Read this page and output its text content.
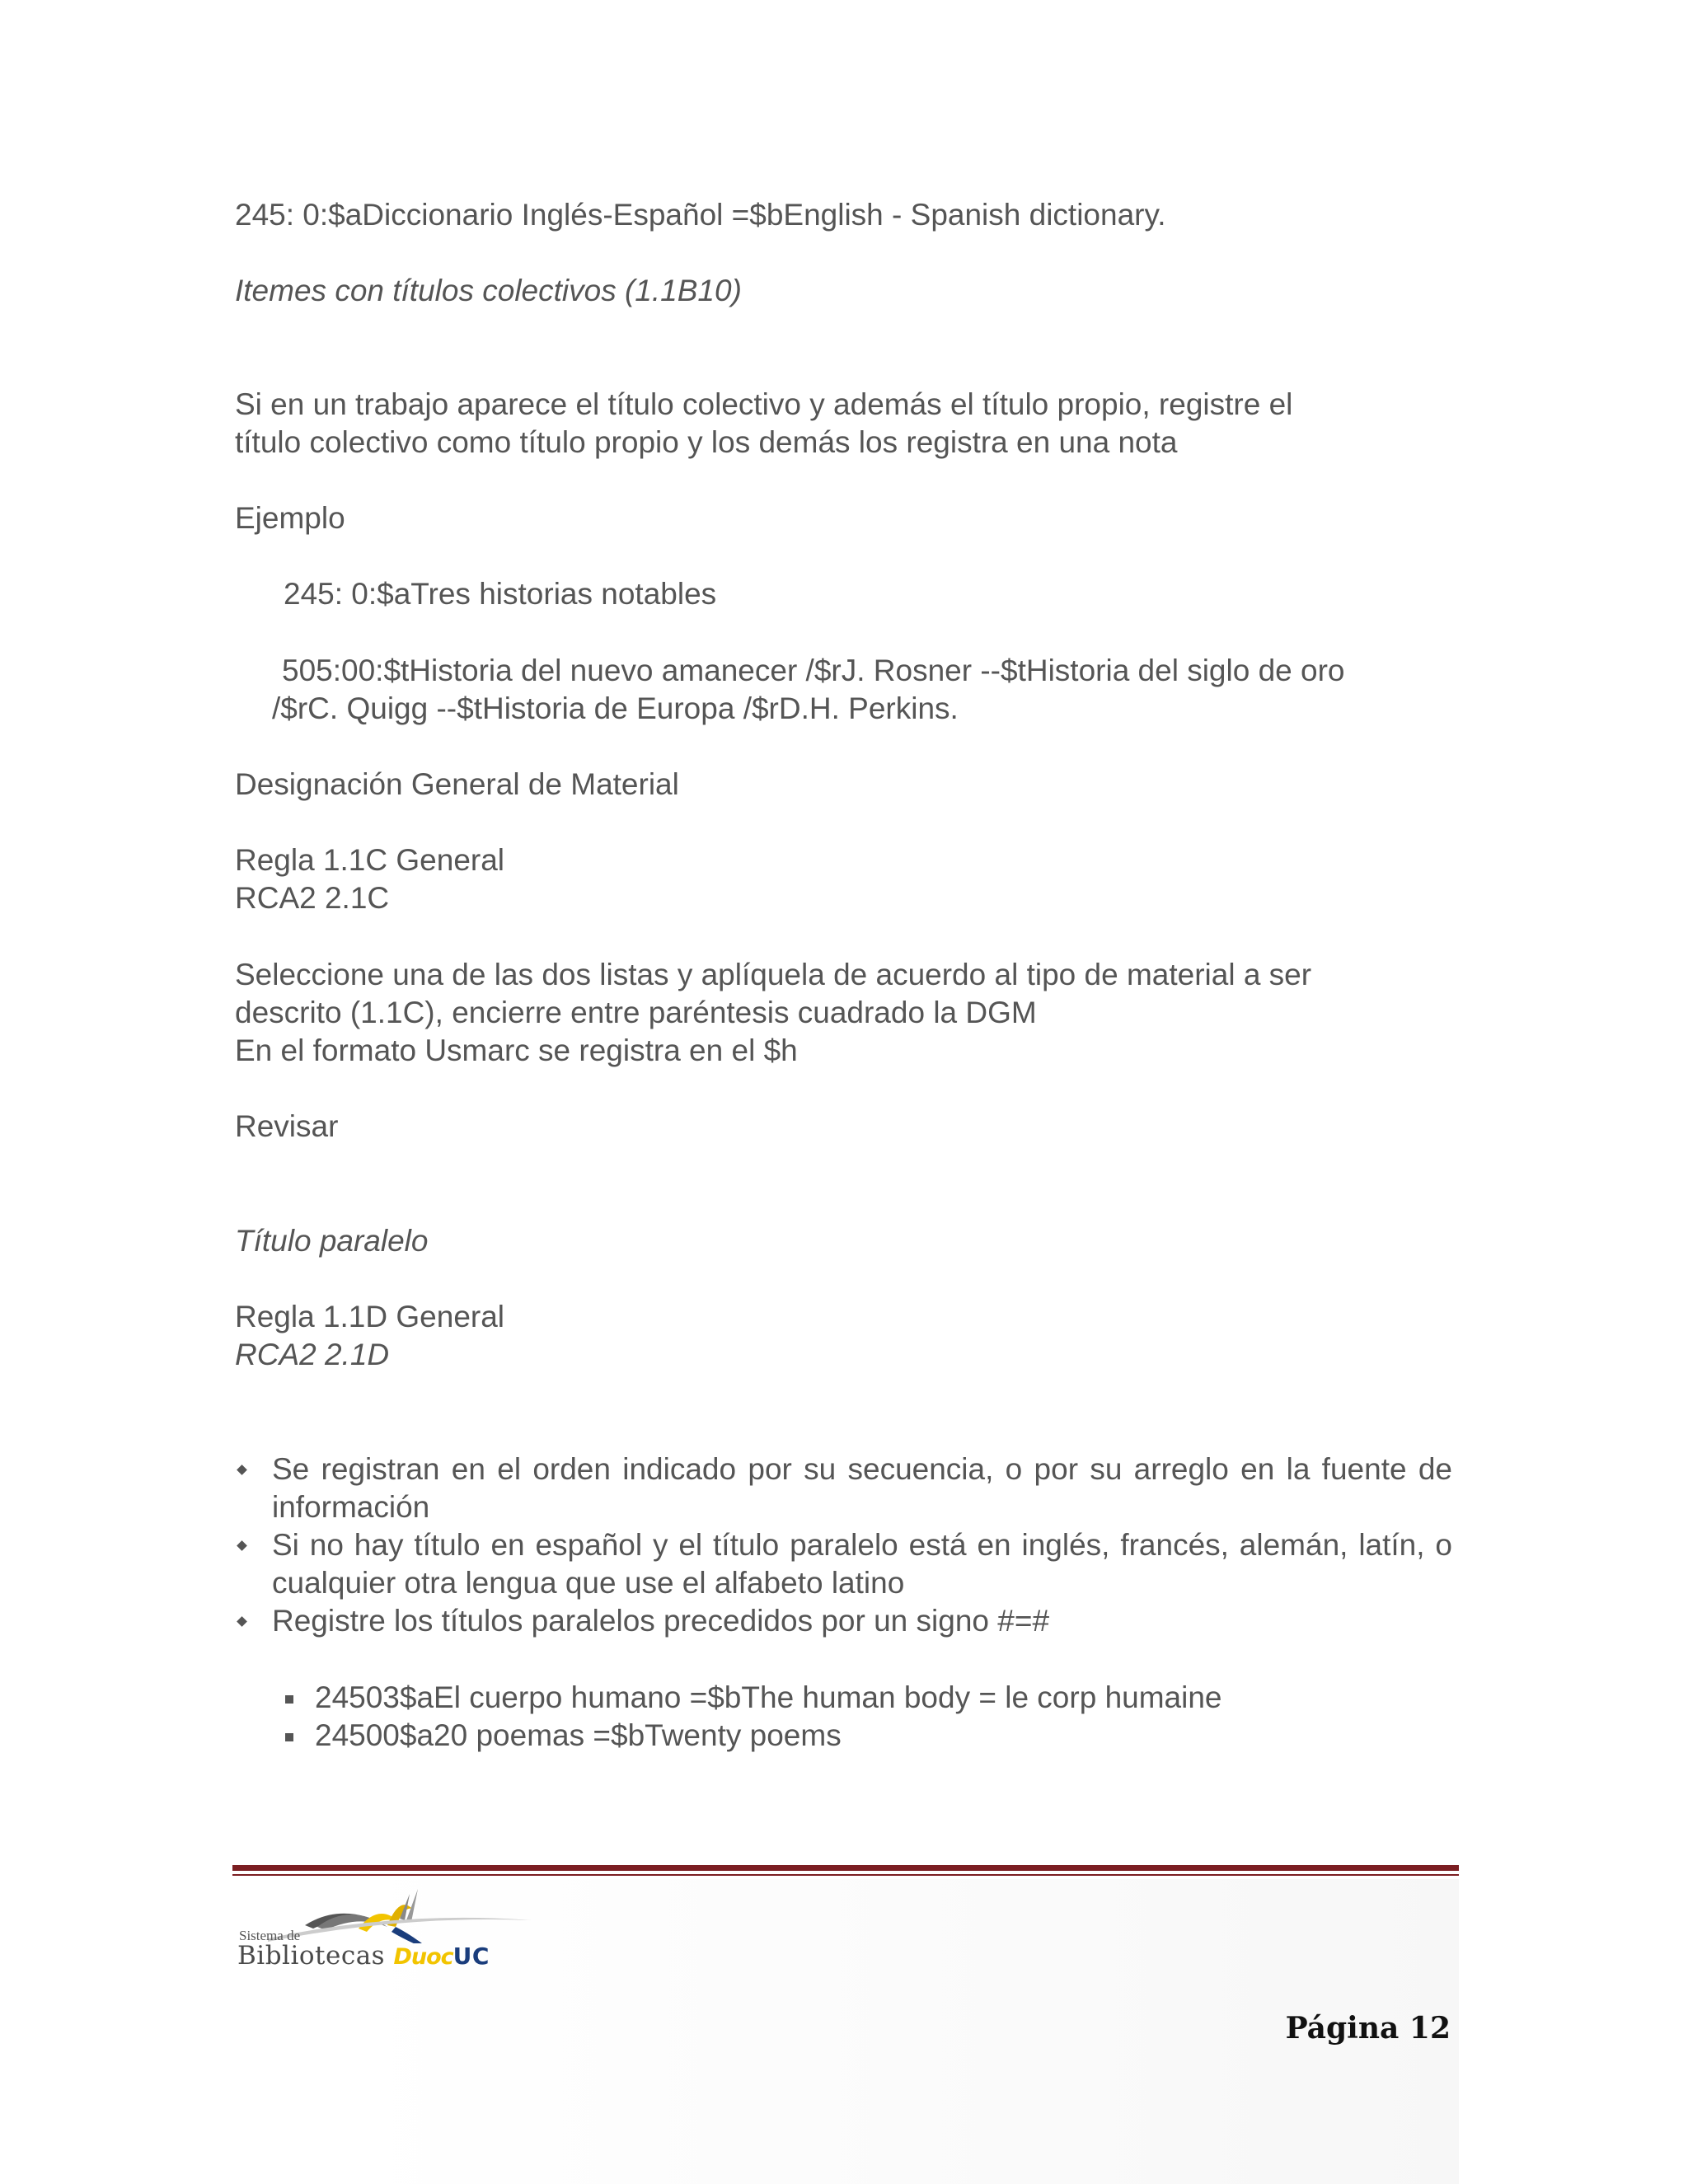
245: 0:$aDiccionario Inglés-Español =$bEnglish - Spanish dictionary.

Itemes con títulos colectivos (1.1B10)

Si en un trabajo aparece el título colectivo y además el título propio, registre el

título colectivo como título propio y los demás los registra en una nota

Ejemplo

245: 0:$aTres historias notables

505:00:$tHistoria del nuevo amanecer /$rJ. Rosner --$tHistoria del siglo de oro

/$rC. Quigg --$tHistoria de Europa /$rD.H. Perkins.

Designación General de Material

Regla 1.1C General

RCA2 2.1C

Seleccione una de las dos listas y aplíquela de acuerdo al tipo de material a ser

descrito (1.1C), encierre entre paréntesis cuadrado la DGM

En el formato Usmarc se registra en el $h

Revisar

Título paralelo

Regla 1.1D General

RCA2 2.1D

Se registran en el orden indicado por su secuencia, o por su arreglo en la fuente de información

Si no hay título en español y el título paralelo está en inglés, francés, alemán, latín, o cualquier otra lengua que use el alfabeto latino

Registre los títulos paralelos precedidos por un signo #=#

24503$aEl cuerpo humano =$bThe human body = le corp humaine

24500$a20 poemas =$bTwenty poems

Sistema de
Bibliotecas DuocUC
Página 12
